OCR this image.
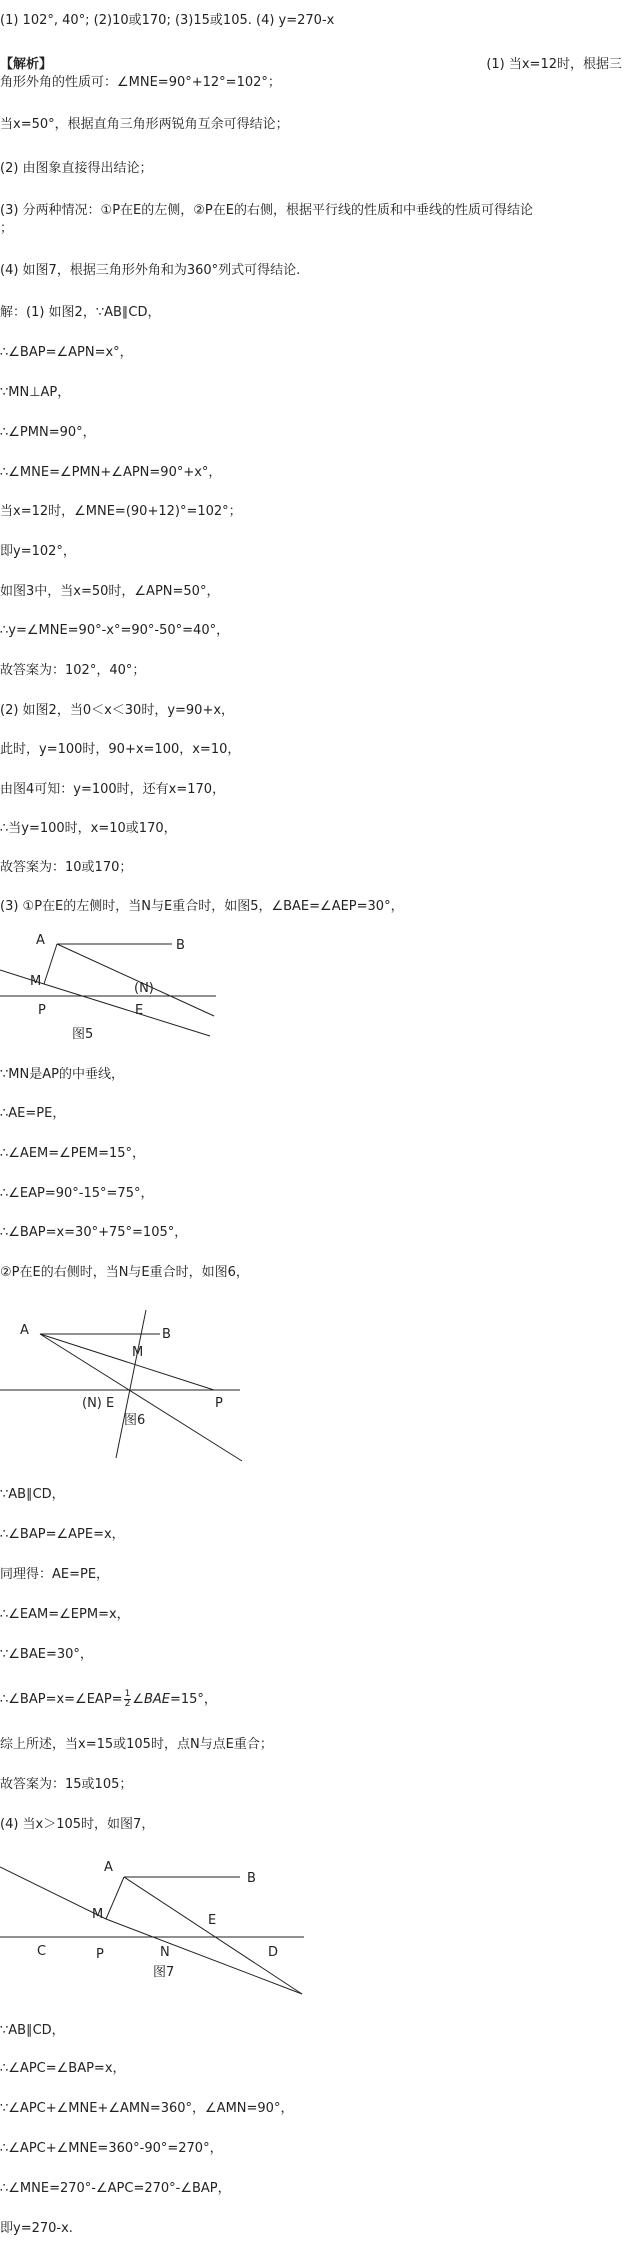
(1) 102°, 40°; (2)10或170; (3)15或105. (4) y=270-x
【解析】	(1) 当x=12时，根据三
角形外角的性质可：∠MNE=90°+12°=102°；
当x=50°，根据直角三角形两锐角互余可得结论；
(2) 由图象直接得出结论；
(3) 分两种情况：①P在E的左侧，②P在E的右侧，根据平行线的性质和中垂线的性质可得结论
；
(4) 如图7，根据三角形外角和为360°列式可得结论.
解：(1) 如图2，∵AB∥CD，
∴∠BAP=∠APN=x°，
∵MN⊥AP，
∴∠PMN=90°，
∴∠MNE=∠PMN+∠APN=90°+x°，
当x=12时，∠MNE=(90+12)°=102°；
即y=102°，
如图3中，当x=50时，∠APN=50°，
∴y=∠MNE=90°-x°=90°-50°=40°，
故答案为：102°，40°；
(2) 如图2，当0＜x＜30时，y=90+x，
此时，y=100时，90+x=100，x=10，
由图4可知：y=100时，还有x=170，
∴当y=100时，x=10或170，
故答案为：10或170；
(3) ①P在E的左侧时，当N与E重合时，如图5，∠BAE=∠AEP=30°，
A	B
M
P
(N)
E
图5
∵MN是AP的中垂线，
∴AE=PE，
∴∠AEM=∠PEM=15°，
∴∠EAP=90°-15°=75°，
∴∠BAP=x=30°+75°=105°，
②P在E的右侧时，当N与E重合时，如图6，
A	B
M
P
(N) E
图6
∵AB∥CD，
∴∠BAP=∠APE=x，
同理得：AE=PE，
∴∠EAM=∠EPM=x，
∵∠BAE=30°，
∴∠BAP=x=∠EAP= $\frac{1}{2}$ ∠BAE=15°，
综上所述，当x=15或105时，点N与点E重合；
故答案为：15或105；
(4) 当x＞105时，如图7，
A
B
M
C	P	N
E
D
图7
∵AB∥CD，
∴∠APC=∠BAP=x，
∵∠APC+∠MNE+∠AMN=360°，∠AMN=90°，
∴∠APC+∠MNE=360°-90°=270°，
∴∠MNE=270°-∠APC=270°-∠BAP，
即y=270-x.
